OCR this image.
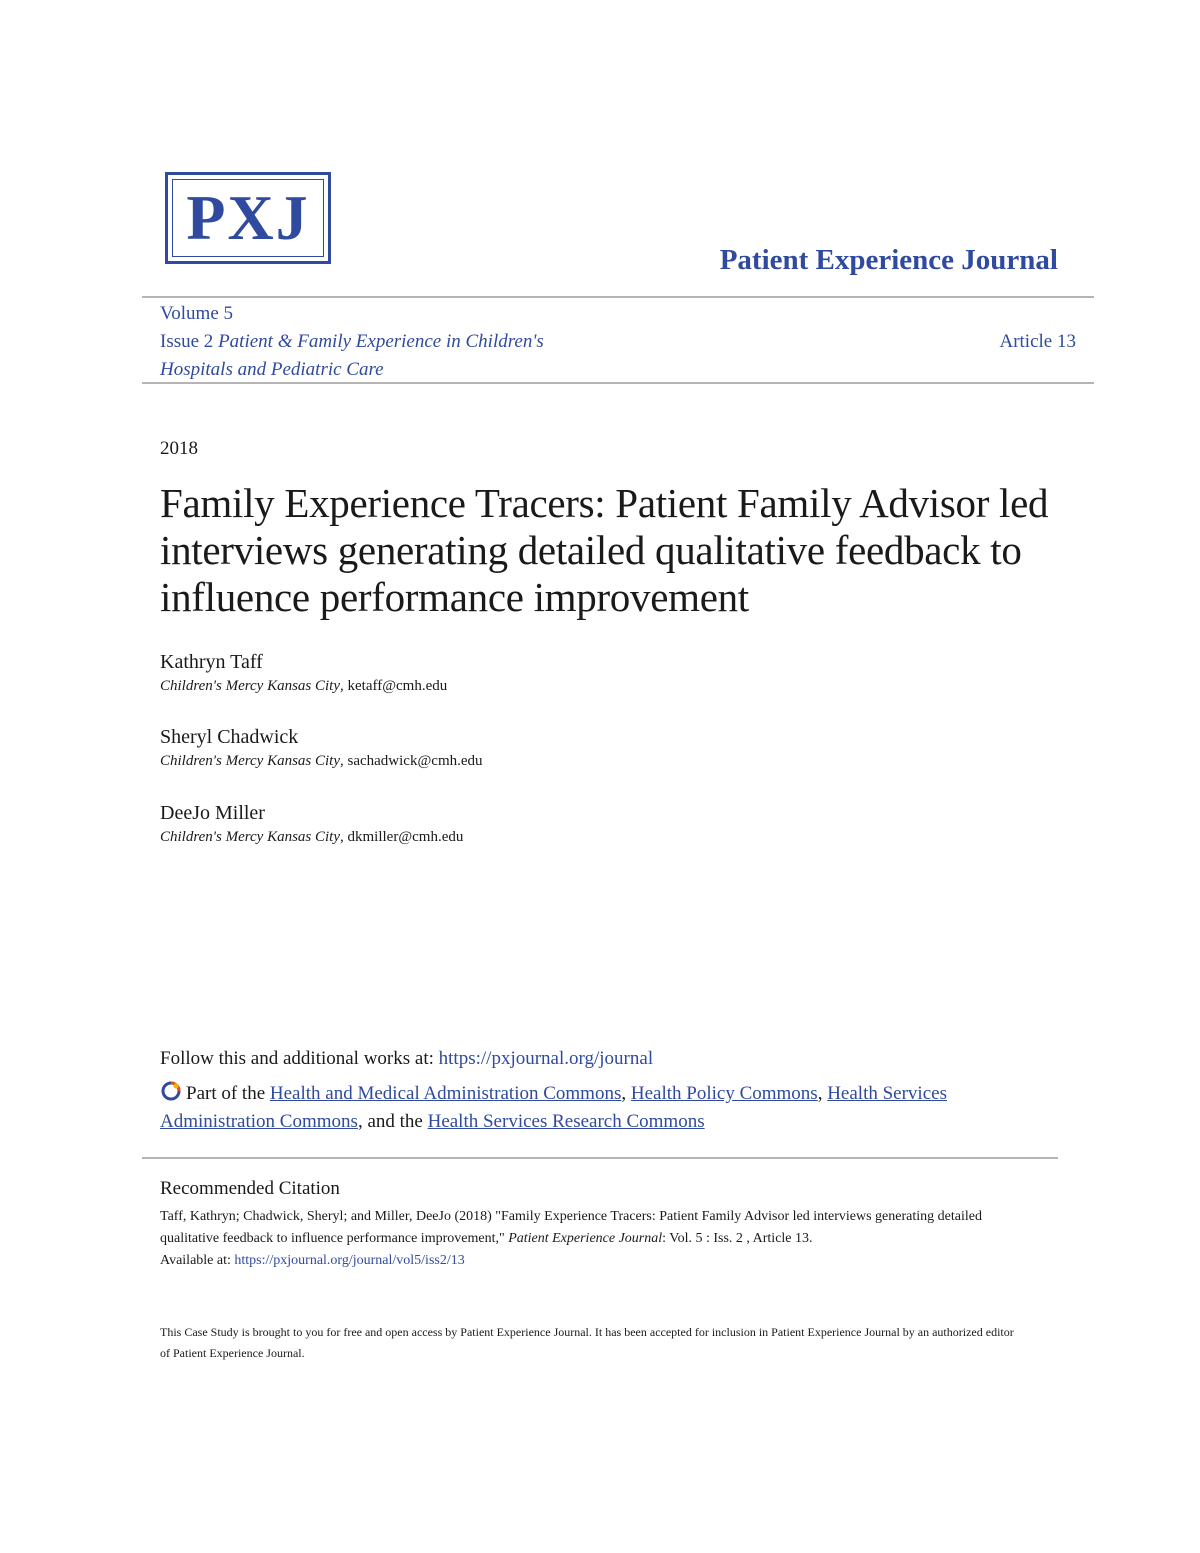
PXJ
Patient Experience Journal
Volume 5
Issue 2 Patient & Family Experience in Children's
Hospitals and Pediatric Care
Article 13
2018
Family Experience Tracers: Patient Family Advisor led interviews generating detailed qualitative feedback to influence performance improvement
Kathryn Taff
Children's Mercy Kansas City, ketaff@cmh.edu
Sheryl Chadwick
Children's Mercy Kansas City, sachadwick@cmh.edu
DeeJo Miller
Children's Mercy Kansas City, dkmiller@cmh.edu
Follow this and additional works at: https://pxjournal.org/journal
Part of the Health and Medical Administration Commons, Health Policy Commons, Health Services Administration Commons, and the Health Services Research Commons
Recommended Citation
Taff, Kathryn; Chadwick, Sheryl; and Miller, DeeJo (2018) "Family Experience Tracers: Patient Family Advisor led interviews generating detailed qualitative feedback to influence performance improvement," Patient Experience Journal: Vol. 5 : Iss. 2 , Article 13.
Available at: https://pxjournal.org/journal/vol5/iss2/13
This Case Study is brought to you for free and open access by Patient Experience Journal. It has been accepted for inclusion in Patient Experience Journal by an authorized editor of Patient Experience Journal.
